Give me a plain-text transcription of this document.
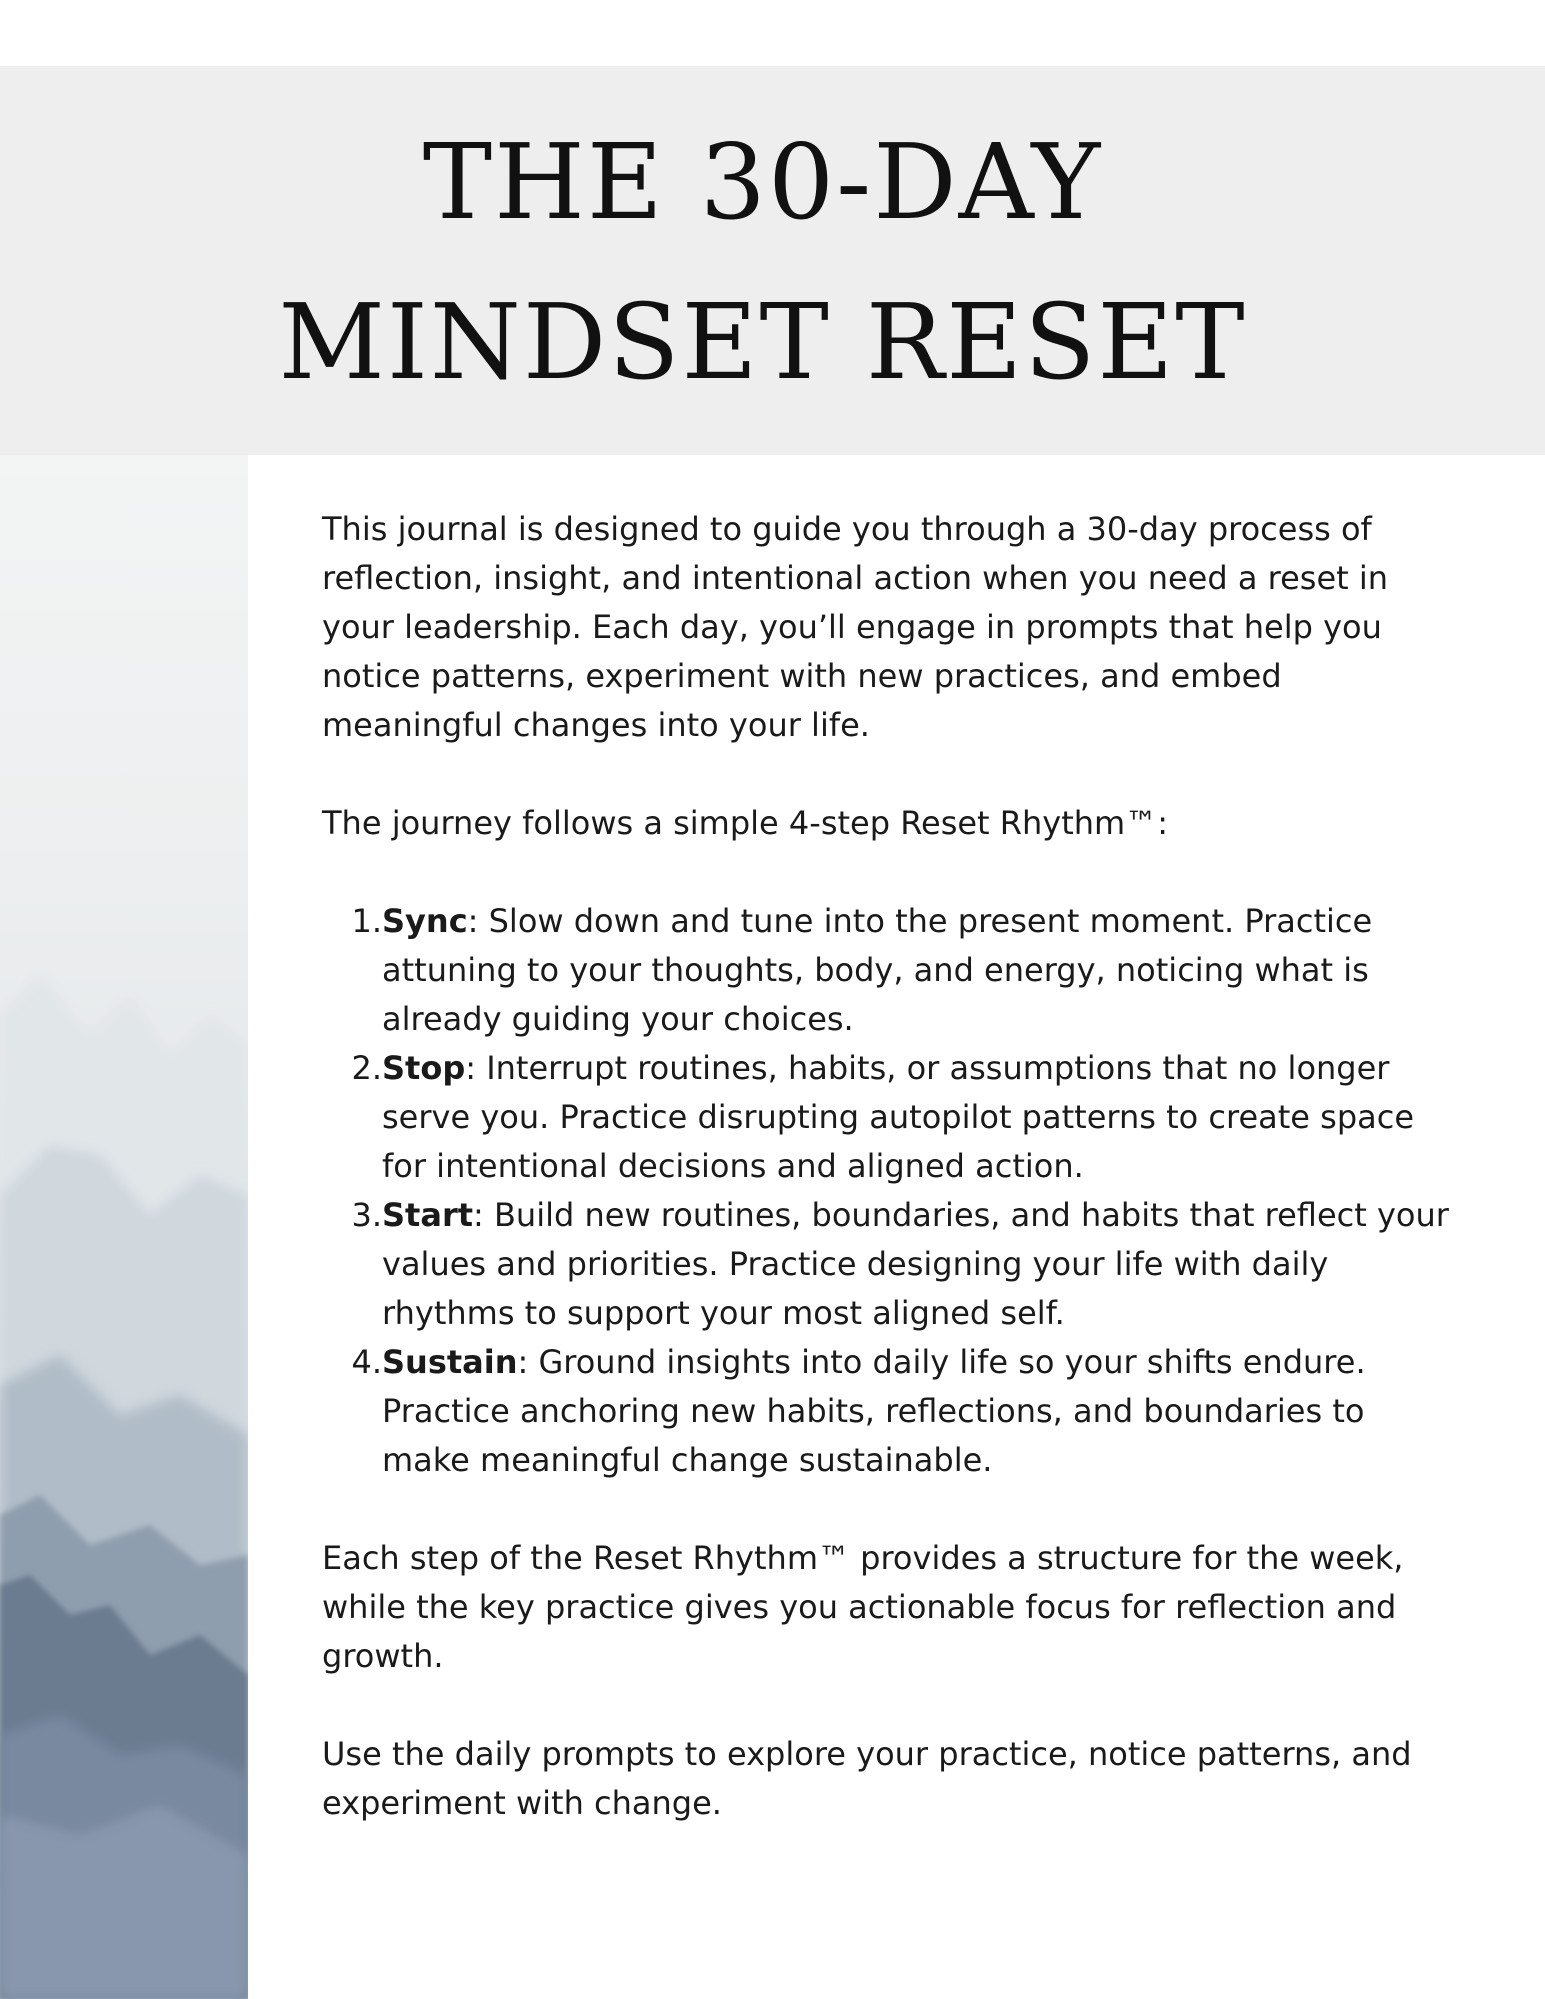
THE 30-DAY
MINDSET RESET

This journal is designed to guide you through a 30-day process of reflection, insight, and intentional action when you need a reset in your leadership. Each day, you’ll engage in prompts that help you notice patterns, experiment with new practices, and embed meaningful changes into your life.

The journey follows a simple 4-step Reset Rhythm™:

1. Sync: Slow down and tune into the present moment. Practice attuning to your thoughts, body, and energy, noticing what is already guiding your choices.
2. Stop: Interrupt routines, habits, or assumptions that no longer serve you. Practice disrupting autopilot patterns to create space for intentional decisions and aligned action.
3. Start: Build new routines, boundaries, and habits that reflect your values and priorities. Practice designing your life with daily rhythms to support your most aligned self.
4. Sustain: Ground insights into daily life so your shifts endure. Practice anchoring new habits, reflections, and boundaries to make meaningful change sustainable.

Each step of the Reset Rhythm™ provides a structure for the week, while the key practice gives you actionable focus for reflection and growth.

Use the daily prompts to explore your practice, notice patterns, and experiment with change.
